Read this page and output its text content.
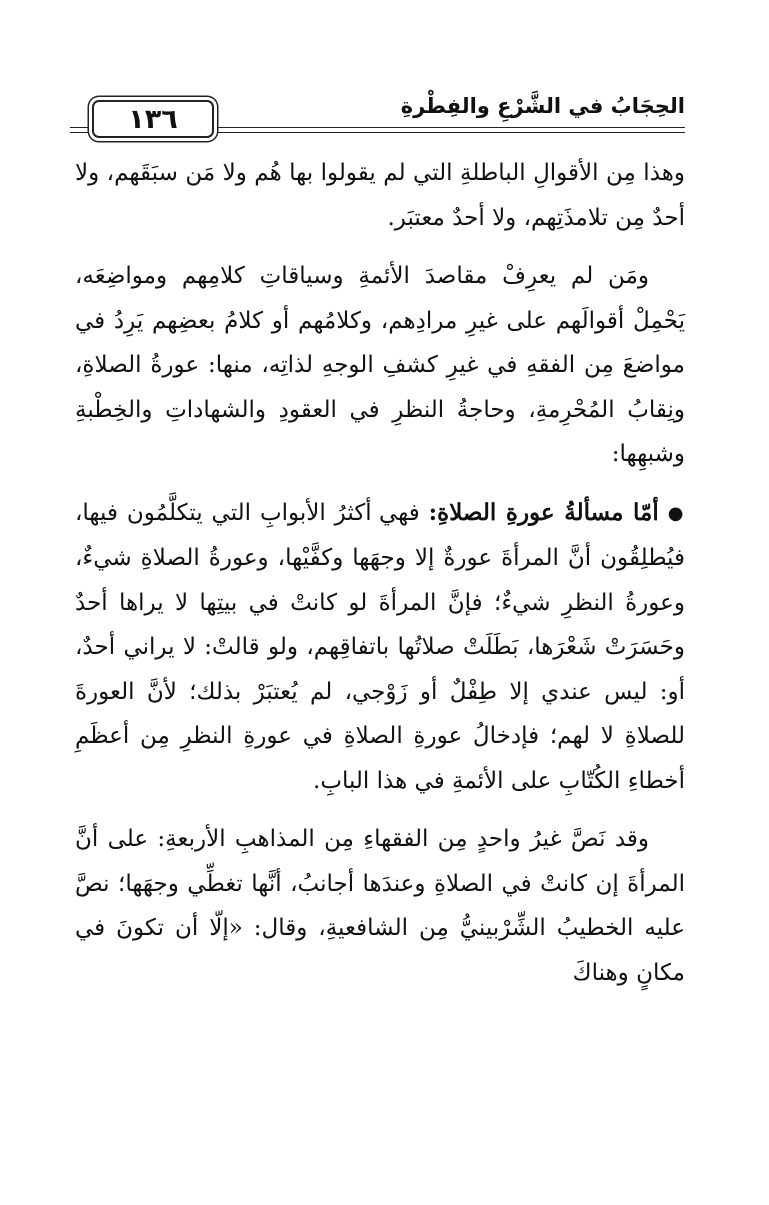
١٣٦	الحِجَابُ في الشَّرْعِ والفِطْرةِ

وهذا مِن الأقوالِ الباطلةِ التي لم يقولوا بها هُم ولا مَن سبَقَهم، ولا أحدٌ مِن تلامذَتِهم، ولا أحدٌ معتبَر.

ومَن لم يعرِفْ مقاصدَ الأئمةِ وسياقاتِ كلامِهم ومواضِعَه، يَحْمِلْ أقوالَهم على غيرِ مرادِهم، وكلامُهم أو كلامُ بعضِهم يَرِدُ في مواضعَ مِن الفقهِ في غيرِ كشفِ الوجهِ لذاتِه، منها: عورةُ الصلاةِ، ونِقابُ المُحْرِمةِ، وحاجةُ النظرِ في العقودِ والشهاداتِ والخِطْبةِ وشبهِها:

● أمّا مسألةُ عورةِ الصلاةِ: فهي أكثرُ الأبوابِ التي يتكلَّمُون فيها، فيُطلِقُون أنَّ المرأةَ عورةٌ إلا وجهَها وكفَّيْها، وعورةُ الصلاةِ شيءٌ، وعورةُ النظرِ شيءٌ؛ فإنَّ المرأةَ لو كانتْ في بيتِها لا يراها أحدٌ وحَسَرَتْ شَعْرَها، بَطَلَتْ صلاتُها باتفاقِهم، ولو قالتْ: لا يراني أحدٌ، أو: ليس عندي إلا طِفْلٌ أو زَوْجي، لم يُعتبَرْ بذلك؛ لأنَّ العورةَ للصلاةِ لا لهم؛ فإدخالُ عورةِ الصلاةِ في عورةِ النظرِ مِن أعظَمِ أخطاءِ الكُتّابِ على الأئمةِ في هذا البابِ.

وقد نَصَّ غيرُ واحدٍ مِن الفقهاءِ مِن المذاهبِ الأربعةِ: على أنَّ المرأةَ إن كانتْ في الصلاةِ وعندَها أجانبُ، أنَّها تغطِّي وجهَها؛ نصَّ عليه الخطيبُ الشِّرْبينيُّ مِن الشافعيةِ، وقال: «إلّا أن تكونَ في مكانٍ وهناكَ
